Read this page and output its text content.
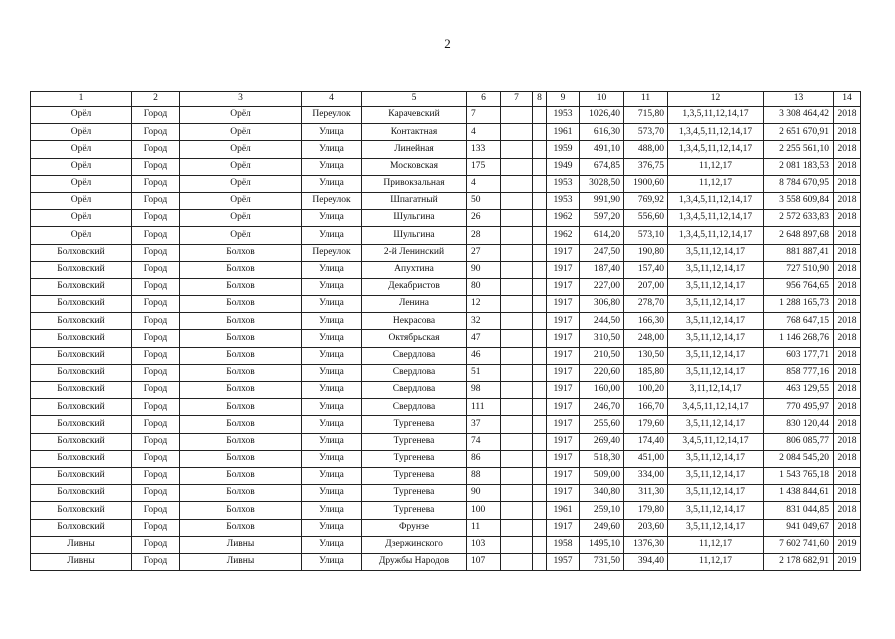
2
1	2	3	4	5	6	7	8	9	10	11	12	13	14
Орёл	Город	Орёл	Переулок	Карачевский	7			1953	1026,40	715,80	1,3,5,11,12,14,17	3 308 464,42	2018
Орёл	Город	Орёл	Улица	Контактная	4			1961	616,30	573,70	1,3,4,5,11,12,14,17	2 651 670,91	2018
Орёл	Город	Орёл	Улица	Линейная	133			1959	491,10	488,00	1,3,4,5,11,12,14,17	2 255 561,10	2018
Орёл	Город	Орёл	Улица	Московская	175			1949	674,85	376,75	11,12,17	2 081 183,53	2018
Орёл	Город	Орёл	Улица	Привокзальная	4			1953	3028,50	1900,60	11,12,17	8 784 670,95	2018
Орёл	Город	Орёл	Переулок	Шпагатный	50			1953	991,90	769,92	1,3,4,5,11,12,14,17	3 558 609,84	2018
Орёл	Город	Орёл	Улица	Шульгина	26			1962	597,20	556,60	1,3,4,5,11,12,14,17	2 572 633,83	2018
Орёл	Город	Орёл	Улица	Шульгина	28			1962	614,20	573,10	1,3,4,5,11,12,14,17	2 648 897,68	2018
Болховский	Город	Болхов	Переулок	2-й Ленинский	27			1917	247,50	190,80	3,5,11,12,14,17	881 887,41	2018
Болховский	Город	Болхов	Улица	Апухтина	90			1917	187,40	157,40	3,5,11,12,14,17	727 510,90	2018
Болховский	Город	Болхов	Улица	Декабристов	80			1917	227,00	207,00	3,5,11,12,14,17	956 764,65	2018
Болховский	Город	Болхов	Улица	Ленина	12			1917	306,80	278,70	3,5,11,12,14,17	1 288 165,73	2018
Болховский	Город	Болхов	Улица	Некрасова	32			1917	244,50	166,30	3,5,11,12,14,17	768 647,15	2018
Болховский	Город	Болхов	Улица	Октябрьская	47			1917	310,50	248,00	3,5,11,12,14,17	1 146 268,76	2018
Болховский	Город	Болхов	Улица	Свердлова	46			1917	210,50	130,50	3,5,11,12,14,17	603 177,71	2018
Болховский	Город	Болхов	Улица	Свердлова	51			1917	220,60	185,80	3,5,11,12,14,17	858 777,16	2018
Болховский	Город	Болхов	Улица	Свердлова	98			1917	160,00	100,20	3,11,12,14,17	463 129,55	2018
Болховский	Город	Болхов	Улица	Свердлова	111			1917	246,70	166,70	3,4,5,11,12,14,17	770 495,97	2018
Болховский	Город	Болхов	Улица	Тургенева	37			1917	255,60	179,60	3,5,11,12,14,17	830 120,44	2018
Болховский	Город	Болхов	Улица	Тургенева	74			1917	269,40	174,40	3,4,5,11,12,14,17	806 085,77	2018
Болховский	Город	Болхов	Улица	Тургенева	86			1917	518,30	451,00	3,5,11,12,14,17	2 084 545,20	2018
Болховский	Город	Болхов	Улица	Тургенева	88			1917	509,00	334,00	3,5,11,12,14,17	1 543 765,18	2018
Болховский	Город	Болхов	Улица	Тургенева	90			1917	340,80	311,30	3,5,11,12,14,17	1 438 844,61	2018
Болховский	Город	Болхов	Улица	Тургенева	100			1961	259,10	179,80	3,5,11,12,14,17	831 044,85	2018
Болховский	Город	Болхов	Улица	Фрунзе	11			1917	249,60	203,60	3,5,11,12,14,17	941 049,67	2018
Ливны	Город	Ливны	Улица	Дзержинского	103			1958	1495,10	1376,30	11,12,17	7 602 741,60	2019
Ливны	Город	Ливны	Улица	Дружбы Народов	107			1957	731,50	394,40	11,12,17	2 178 682,91	2019
